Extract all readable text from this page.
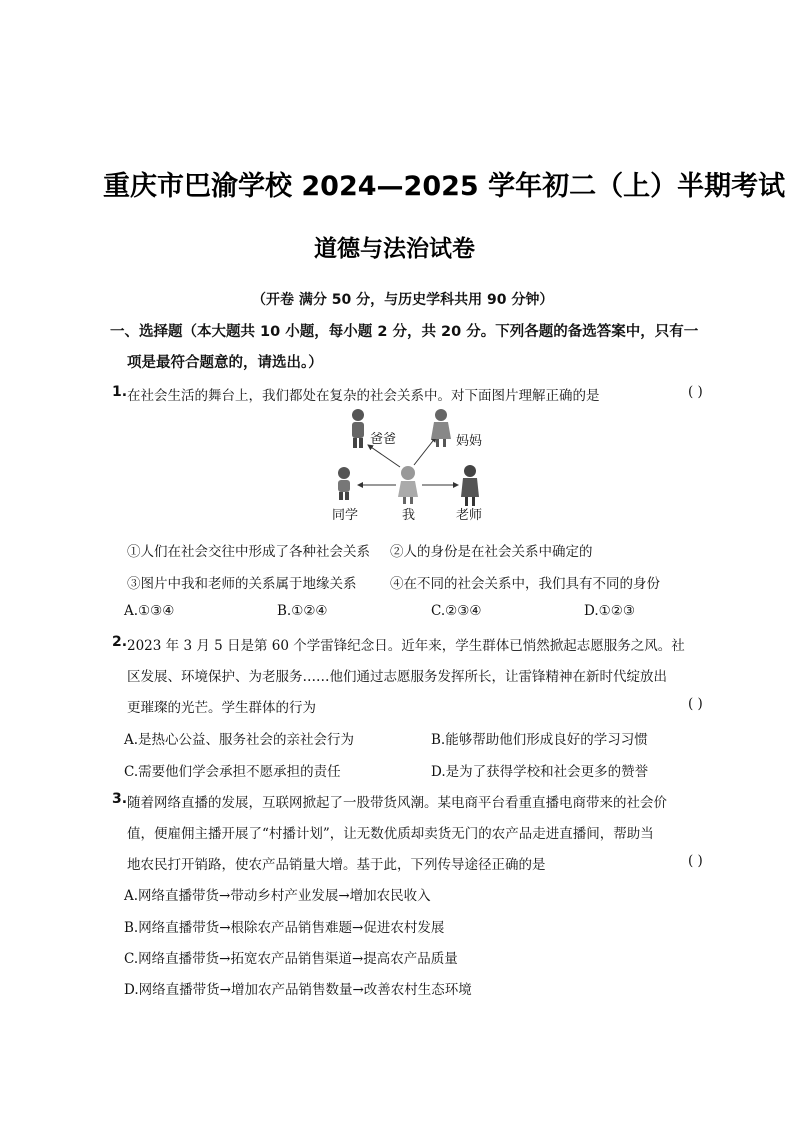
重庆市巴渝学校 2024—2025 学年初二（上）半期考试
道德与法治试卷
（开卷 满分 50 分，与历史学科共用 90 分钟）
一、选择题（本大题共 10 小题，每小题 2 分，共 20 分。下列各题的备选答案中，只有一
项是最符合题意的，请选出。）
1. 在社会生活的舞台上，我们都处在复杂的社会关系中。对下面图片理解正确的是	( )
爸爸	妈妈
同学	我	老师
①人们在社会交往中形成了各种社会关系 ②人的身份是在社会关系中确定的
③图片中我和老师的关系属于地缘关系 ④在不同的社会关系中，我们具有不同的身份
A.①③④	B.①②④	C.②③④	D.①②③
2. 2023 年 3 月 5 日是第 60 个学雷锋纪念日。近年来，学生群体已悄然掀起志愿服务之风。社
区发展、环境保护、为老服务……他们通过志愿服务发挥所长，让雷锋精神在新时代绽放出
更璀璨的光芒。学生群体的行为	( )
A.是热心公益、服务社会的亲社会行为	B.能够帮助他们形成良好的学习习惯
C.需要他们学会承担不愿承担的责任	D.是为了获得学校和社会更多的赞誉
3. 随着网络直播的发展，互联网掀起了一股带货风潮。某电商平台看重直播电商带来的社会价
值，便雇佣主播开展了“村播计划”，让无数优质却卖货无门的农产品走进直播间，帮助当
地农民打开销路，使农产品销量大增。基于此，下列传导途径正确的是	( )
A.网络直播带货→带动乡村产业发展→增加农民收入
B.网络直播带货→根除农产品销售难题→促进农村发展
C.网络直播带货→拓宽农产品销售渠道→提高农产品质量
D.网络直播带货→增加农产品销售数量→改善农村生态环境
